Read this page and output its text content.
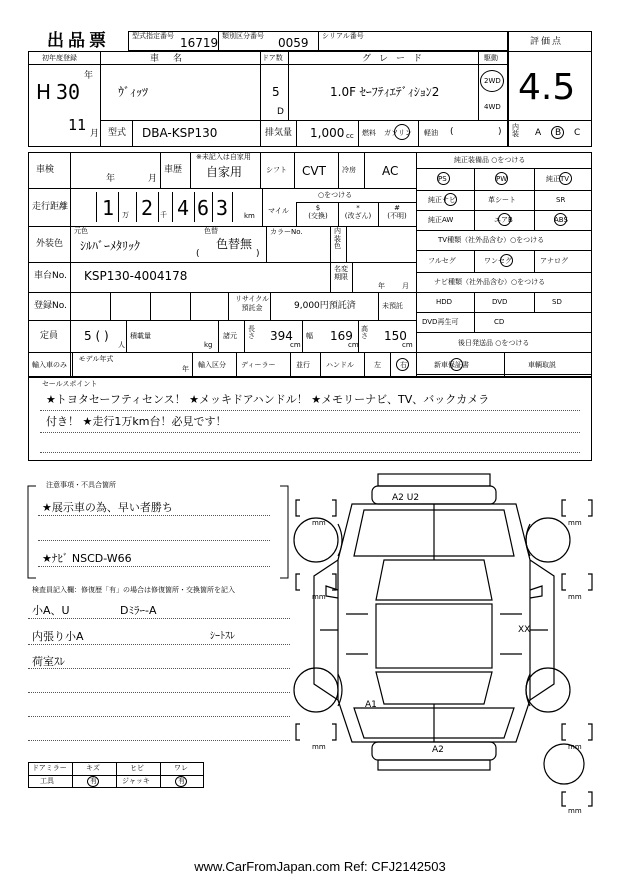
出品票	型式指定番号 16719 類別区分番号 0059 シリアル番号
評価点
4.5
内装	A B C
初年度登録
H 30
年
11 月
車名
ｳﾞｨｯﾂ
ドア数
5
D
グレード
1.0F ｾｰﾌﾃｨｴﾃﾞｨｼｮﾝ2
駆動
2WD
4WD
型式 DBA-KSP130	排気量 1,000 cc 燃料 ガソリン 軽油 (	)
車検
年	月
車歴
※未記入は自家用
自家用	シフト CVT 冷房 AC
走行距離 1 万 2 千 4 6 3 km
マイル
○をつける
$
(交換)
*
(改ざん)
#
(不明)
外装色
元色
ｼﾙﾊﾞｰﾒﾀﾘｯｸ
色替
色替無
(	)
カラーNo.	内装色
車台No. KSP130-4004178	名変期限
年 月
登録No.
リサイクル預託金	9,000円預託済	未預託
定員 5 ( )
人
積載量
kg
諸元
長さ 394
cm
幅 169
cm
高さ 150
cm
輸入車のみ
モデル年式
年 輸入区分 ディーラー	並行 ハンドル	左	右
純正装備品 ○をつける
PS	PW	純正TV
純正ナビ	革シート	SR
純正AW	エアB	ABS
TV種類（社外品含む）○をつける
フルセグ	ワンセグ	アナログ
ナビ種類（社外品含む）○をつける
HDD	DVD	SD
DVD再生可	CD
後日発送品 ○をつける
新車保証書	車輌取説
セールスポイント
★トヨタセーフティセンス！ ★メッキドアハンドル！ ★メモリーナビ、TV、バックカメラ
付き！ ★走行1万km台！必見です！
注意事項・不具合箇所
★展示車の為、早い者勝ち
★ﾅﾋﾞ NSCD-W66
検査員記入欄：修復歴「有」の場合は修復箇所・交換箇所を記入
小A、U	Dﾐﾗｰ-A
内張り小A	ｼｰﾄｽﾚ
荷室ｽﾚ
ドアミラー	キズ	ヒビ	ワレ
工具	有	ジャッキ	有
mm	mm
mm	mm
mm	mm
mm
A2 U2
XX
A1
A2
www.CarFromJapan.com Ref: CFJ2142503
